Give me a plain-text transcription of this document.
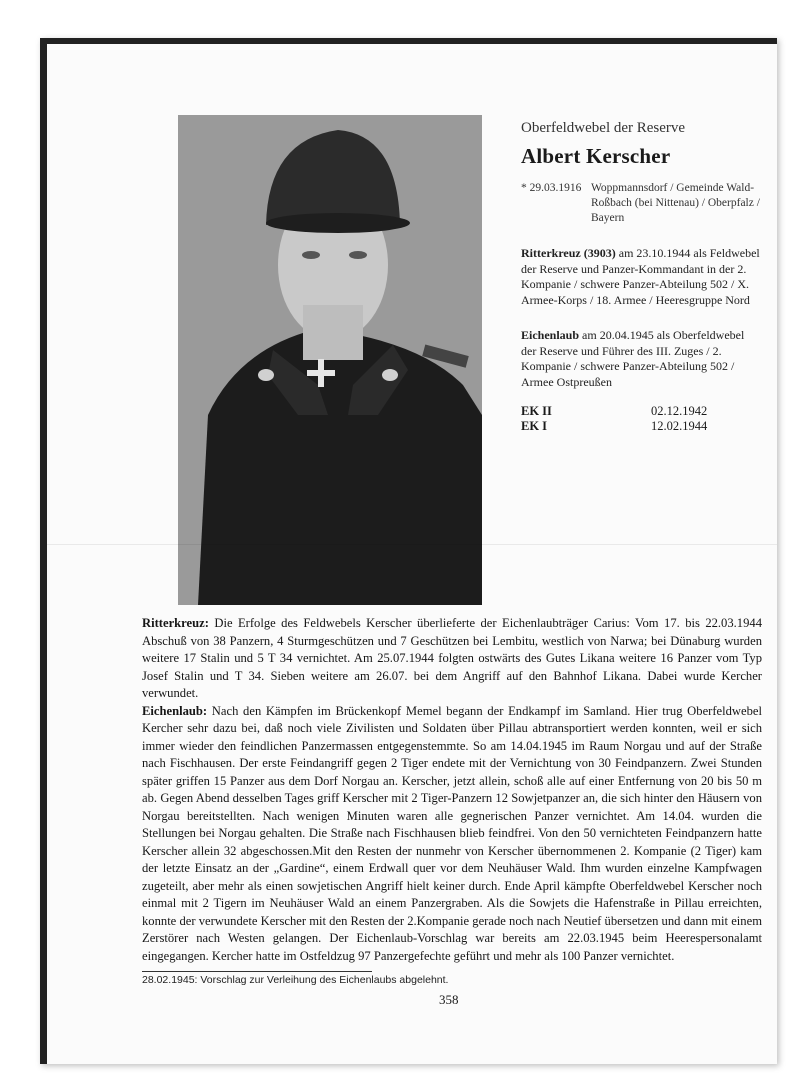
Oberfeldwebel der Reserve
Albert Kerscher
* 29.03.1916 Woppmannsdorf / Gemeinde Wald-Roßbach (bei Nittenau) / Oberpfalz / Bayern
Ritterkreuz (3903) am 23.10.1944 als Feldwebel der Reserve und Panzer-Kommandant in der 2. Kompanie / schwere Panzer-Abteilung 502 / X. Armee-Korps / 18. Armee / Heeresgruppe Nord
Eichenlaub am 20.04.1945 als Oberfeldwebel der Reserve und Führer des III. Zuges / 2. Kompanie / schwere Panzer-Abteilung 502 / Armee Ostpreußen
EK II	02.12.1942
EK I	12.02.1944

Ritterkreuz: Die Erfolge des Feldwebels Kerscher überlieferte der Eichenlaubträger Carius: Vom 17. bis 22.03.1944 Abschuß von 38 Panzern, 4 Sturmgeschützen und 7 Geschützen bei Lembitu, westlich von Narwa; bei Dünaburg wurden weitere 17 Stalin und 5 T 34 vernichtet. Am 25.07.1944 folgten ostwärts des Gutes Likana weitere 16 Panzer vom Typ Josef Stalin und T 34. Sieben weitere am 26.07. bei dem Angriff auf den Bahnhof Likana. Dabei wurde Kercher verwundet.

Eichenlaub: Nach den Kämpfen im Brückenkopf Memel begann der Endkampf im Samland. Hier trug Oberfeldwebel Kercher sehr dazu bei, daß noch viele Zivilisten und Soldaten über Pillau abtransportiert werden konnten, weil er sich immer wieder den feindlichen Panzermassen entgegenstemmte. So am 14.04.1945 im Raum Norgau und auf der Straße nach Fischhausen. Der erste Feindangriff gegen 2 Tiger endete mit der Vernichtung von 30 Feindpanzern. Zwei Stunden später griffen 15 Panzer aus dem Dorf Norgau an. Kerscher, jetzt allein, schoß alle auf einer Entfernung von 20 bis 50 m ab. Gegen Abend desselben Tages griff Kerscher mit 2 Tiger-Panzern 12 Sowjetpanzer an, die sich hinter den Häusern von Norgau bereitstellten. Nach wenigen Minuten waren alle gegnerischen Panzer vernichtet. Am 14.04. wurden die Stellungen bei Norgau gehalten. Die Straße nach Fischhausen blieb feindfrei. Von den 50 vernichteten Feindpanzern hatte Kerscher allein 32 abgeschossen.Mit den Resten der nunmehr von Kerscher übernommenen 2. Kompanie (2 Tiger) kam der letzte Einsatz an der „Gardine“, einem Erdwall quer vor dem Neuhäuser Wald. Ihm wurden einzelne Kampfwagen zugeteilt, aber mehr als einen sowjetischen Angriff hielt keiner durch. Ende April kämpfte Oberfeldwebel Kerscher noch einmal mit 2 Tigern im Neuhäuser Wald an einem Panzergraben. Als die Sowjets die Hafenstraße in Pillau erreichten, konnte der verwundete Kerscher mit den Resten der 2.Kompanie gerade noch nach Neutief übersetzen und dann mit einem Zerstörer nach Westen gelangen. Der Eichenlaub-Vorschlag war bereits am 22.03.1945 beim Heerespersonalamt eingegangen. Kercher hatte im Ostfeldzug 97 Panzergefechte geführt und mehr als 100 Panzer vernichtet.

28.02.1945: Vorschlag zur Verleihung des Eichenlaubs abgelehnt.
358
